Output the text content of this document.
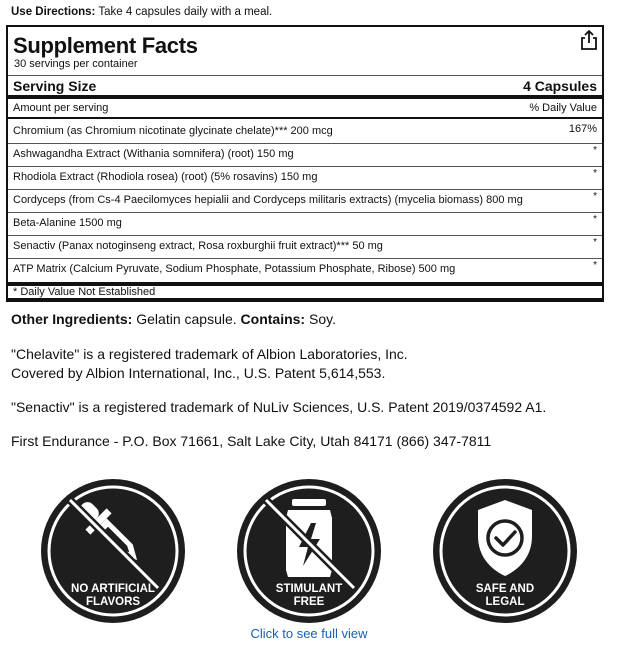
Use Directions: Take 4 capsules daily with a meal.
Supplement Facts
30 servings per container
Serving Size	4 Capsules
Amount per serving	% Daily Value
Chromium (as Chromium nicotinate glycinate chelate)*** 200 mcg	167%
Ashwagandha Extract (Withania somnifera) (root) 150 mg	*
Rhodiola Extract (Rhodiola rosea) (root) (5% rosavins) 150 mg	*
Cordyceps (from Cs-4 Paecilomyces hepialii and Cordyceps militaris extracts) (mycelia biomass) 800 mg	*
Beta-Alanine 1500 mg	*
Senactiv (Panax notoginseng extract, Rosa roxburghii fruit extract)*** 50 mg	*
ATP Matrix (Calcium Pyruvate, Sodium Phosphate, Potassium Phosphate, Ribose) 500 mg	*
* Daily Value Not Established
Other Ingredients: Gelatin capsule. Contains: Soy.
"Chelavite" is a registered trademark of Albion Laboratories, Inc.
Covered by Albion International, Inc., U.S. Patent 5,614,553.
"Senactiv" is a registered trademark of NuLiv Sciences, U.S. Patent 2019/0374592 A1.
First Endurance - P.O. Box 71661, Salt Lake City, Utah 84171 (866) 347-7811
NO ARTIFICIAL
FLAVORS
STIMULANT
FREE
SAFE AND
LEGAL
Click to see full view
